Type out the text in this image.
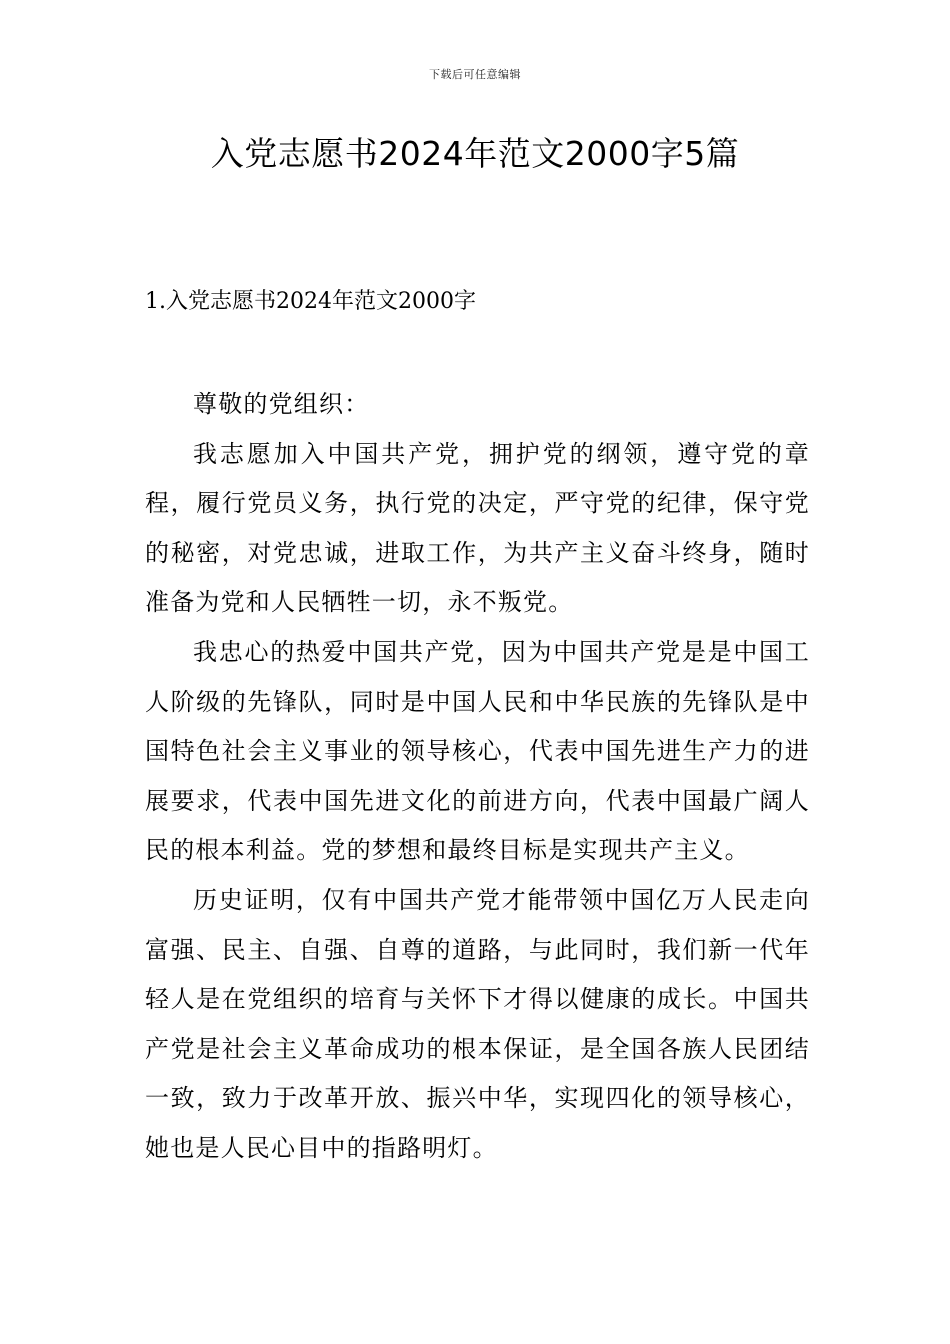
下载后可任意编辑
入党志愿书2024年范文2000字5篇
1.入党志愿书2024年范文2000字

尊敬的党组织：

我志愿加入中国共产党，拥护党的纲领，遵守党的章程，履行党员义务，执行党的决定，严守党的纪律，保守党的秘密，对党忠诚，进取工作，为共产主义奋斗终身，随时准备为党和人民牺牲一切，永不叛党。

我忠心的热爱中国共产党，因为中国共产党是是中国工人阶级的先锋队，同时是中国人民和中华民族的先锋队是中国特色社会主义事业的领导核心，代表中国先进生产力的进展要求，代表中国先进文化的前进方向，代表中国最广阔人民的根本利益。党的梦想和最终目标是实现共产主义。

历史证明，仅有中国共产党才能带领中国亿万人民走向富强、民主、自强、自尊的道路，与此同时，我们新一代年轻人是在党组织的培育与关怀下才得以健康的成长。中国共产党是社会主义革命成功的根本保证，是全国各族人民团结一致，致力于改革开放、振兴中华，实现四化的领导核心，她也是人民心目中的指路明灯。
